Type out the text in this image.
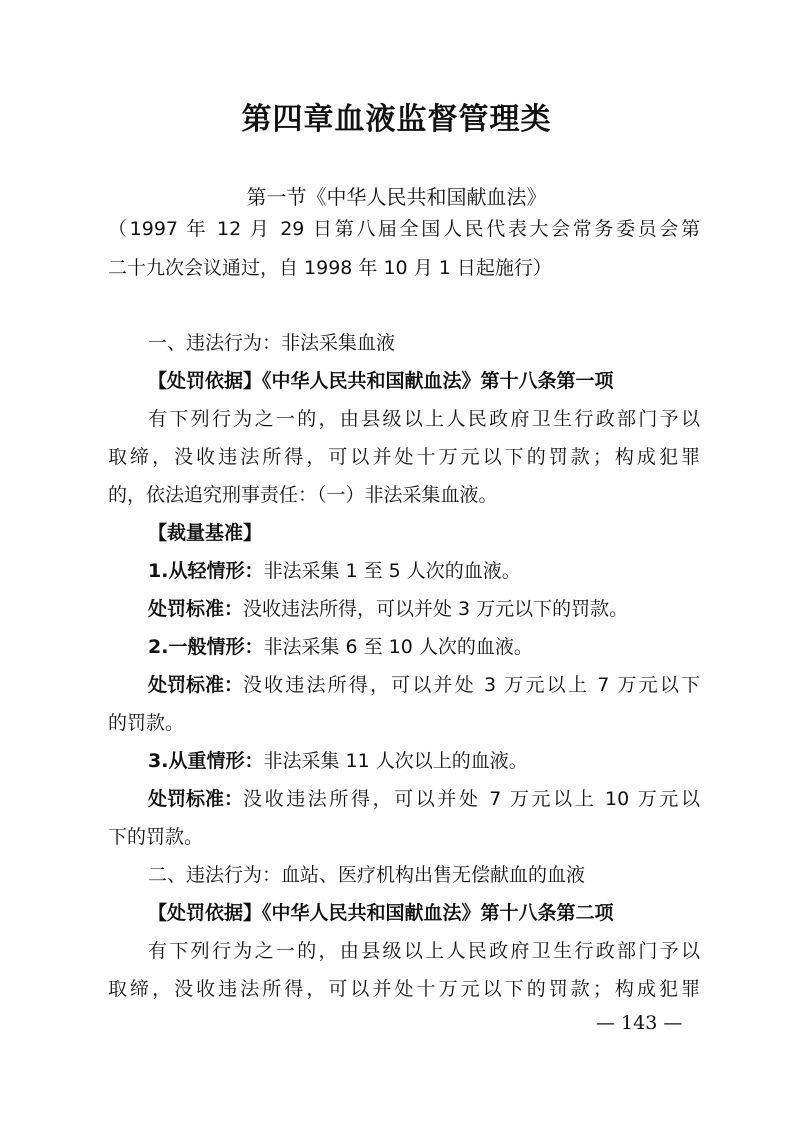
第四章血液监督管理类
第一节《中华人民共和国献血法》
（1997 年 12 月 29 日第八届全国人民代表大会常务委员会第
二十九次会议通过，自 1998 年 10 月 1 日起施行）
一、违法行为：非法采集血液
【处罚依据】《中华人民共和国献血法》第十八条第一项
有下列行为之一的，由县级以上人民政府卫生行政部门予以
取缔，没收违法所得，可以并处十万元以下的罚款；构成犯罪
的，依法追究刑事责任：（一）非法采集血液。
【裁量基准】
1.从轻情形：非法采集 1 至 5 人次的血液。
处罚标准：没收违法所得，可以并处 3 万元以下的罚款。
2.一般情形：非法采集 6 至 10 人次的血液。
处罚标准： 没收违法所得，可以并处 3 万元以上 7 万元以下
的罚款。
3.从重情形：非法采集 11 人次以上的血液。
处罚标准： 没收违法所得，可以并处 7 万元以上 10 万元以
下的罚款。
二、违法行为：血站、医疗机构出售无偿献血的血液
【处罚依据】《中华人民共和国献血法》第十八条第二项
有下列行为之一的，由县级以上人民政府卫生行政部门予以
取缔，没收违法所得，可以并处十万元以下的罚款；构成犯罪
— 143 —
